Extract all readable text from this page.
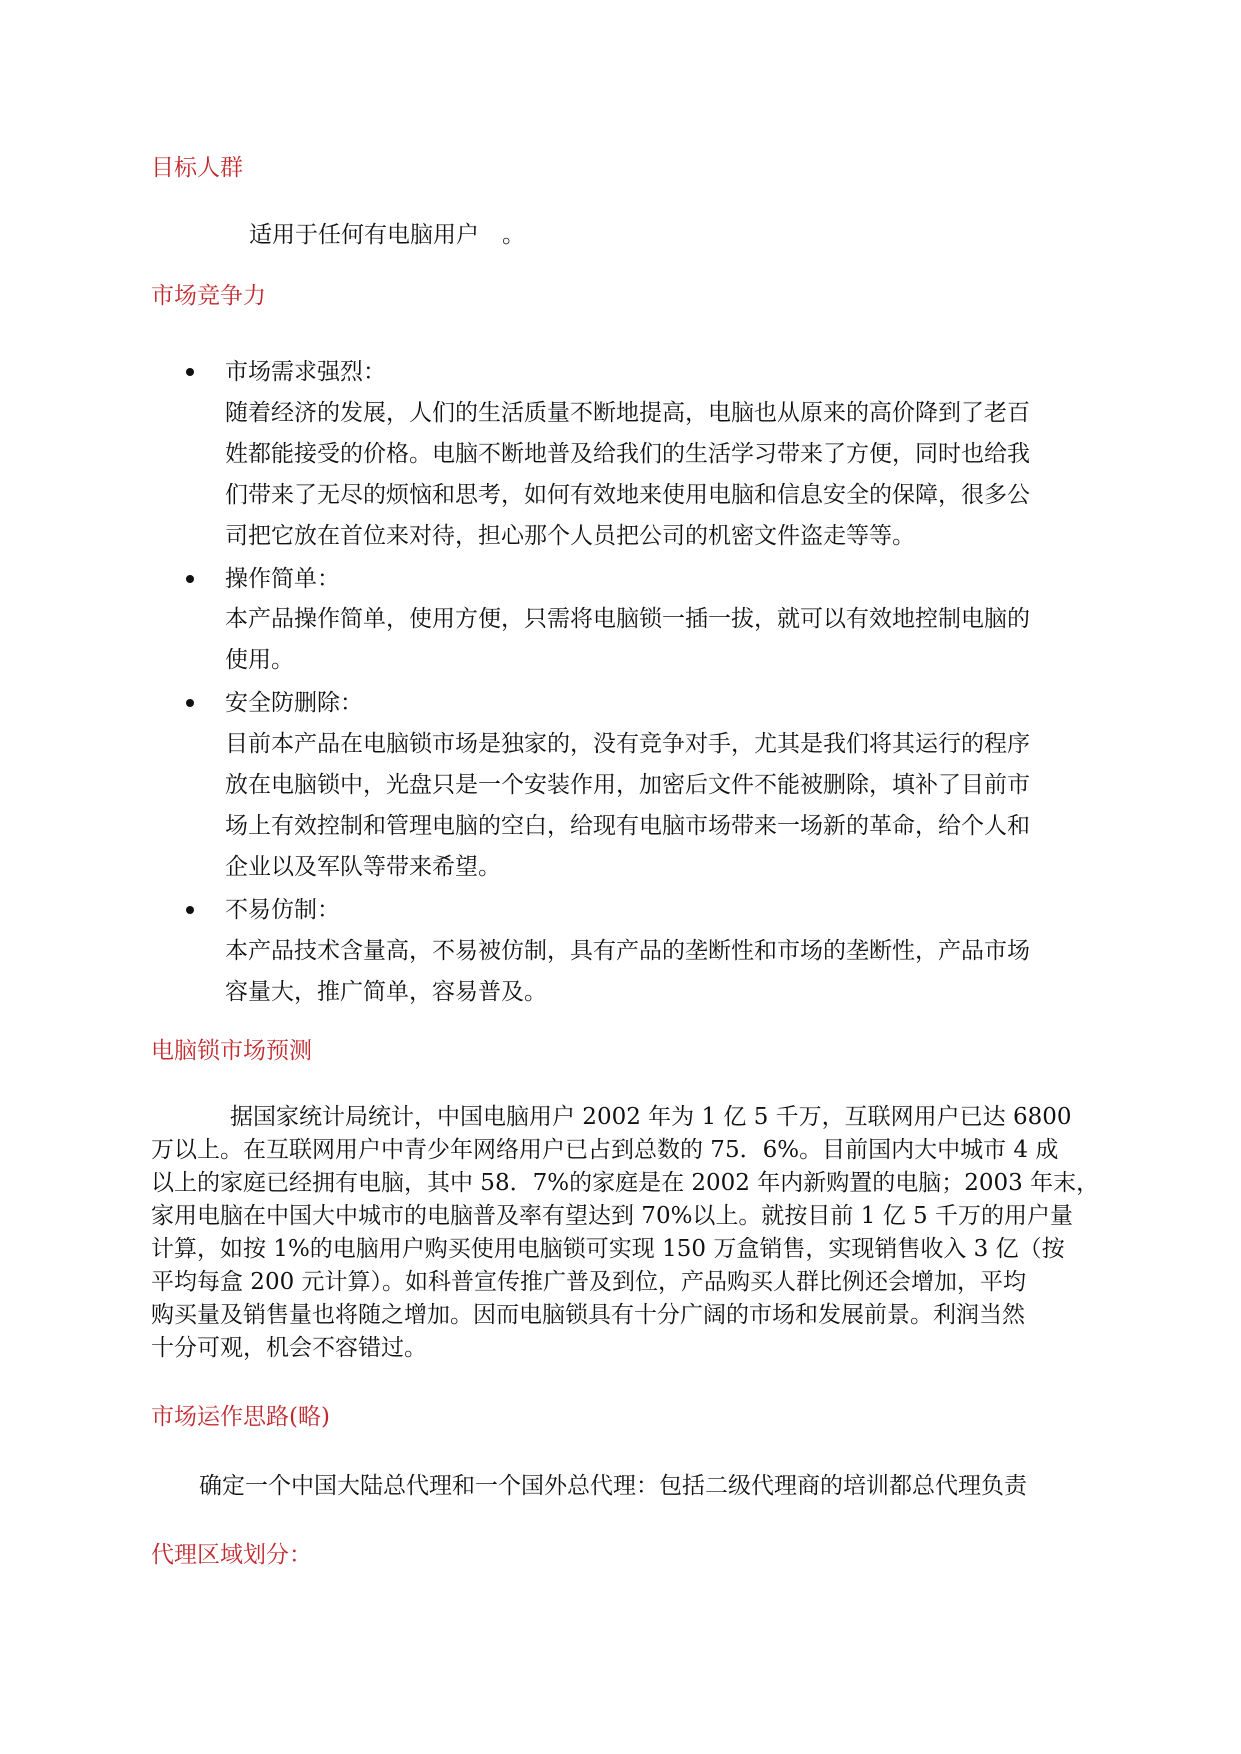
目标人群

适用于任何有电脑用户　。

市场竞争力
市场需求强烈：
随着经济的发展，人们的生活质量不断地提高，电脑也从原来的高价降到了老百
姓都能接受的价格。电脑不断地普及给我们的生活学习带来了方便，同时也给我
们带来了无尽的烦恼和思考，如何有效地来使用电脑和信息安全的保障，很多公
司把它放在首位来对待，担心那个人员把公司的机密文件盗走等等。
操作简单：
本产品操作简单，使用方便，只需将电脑锁一插一拔，就可以有效地控制电脑的
使用。
安全防删除：
目前本产品在电脑锁市场是独家的，没有竞争对手，尤其是我们将其运行的程序
放在电脑锁中，光盘只是一个安装作用，加密后文件不能被删除，填补了目前市
场上有效控制和管理电脑的空白，给现有电脑市场带来一场新的革命，给个人和
企业以及军队等带来希望。
不易仿制：
本产品技术含量高，不易被仿制，具有产品的垄断性和市场的垄断性，产品市场
容量大，推广简单，容易普及。
电脑锁市场预测
据国家统计局统计，中国电脑用户 2002 年为 1 亿 5 千万，互联网用户已达 6800
万以上。在互联网用户中青少年网络用户已占到总数的 75．6%。目前国内大中城市 4 成
以上的家庭已经拥有电脑，其中 58．7%的家庭是在 2002 年内新购置的电脑；2003 年末，
家用电脑在中国大中城市的电脑普及率有望达到 70%以上。就按目前 1 亿 5 千万的用户量
计算，如按 1%的电脑用户购买使用电脑锁可实现 150 万盒销售，实现销售收入 3 亿（按
平均每盒 200 元计算）。如科普宣传推广普及到位，产品购买人群比例还会增加，平均
购买量及销售量也将随之增加。因而电脑锁具有十分广阔的市场和发展前景。利润当然
十分可观，机会不容错过。
市场运作思路(略)

确定一个中国大陆总代理和一个国外总代理：包括二级代理商的培训都总代理负责

代理区域划分：
